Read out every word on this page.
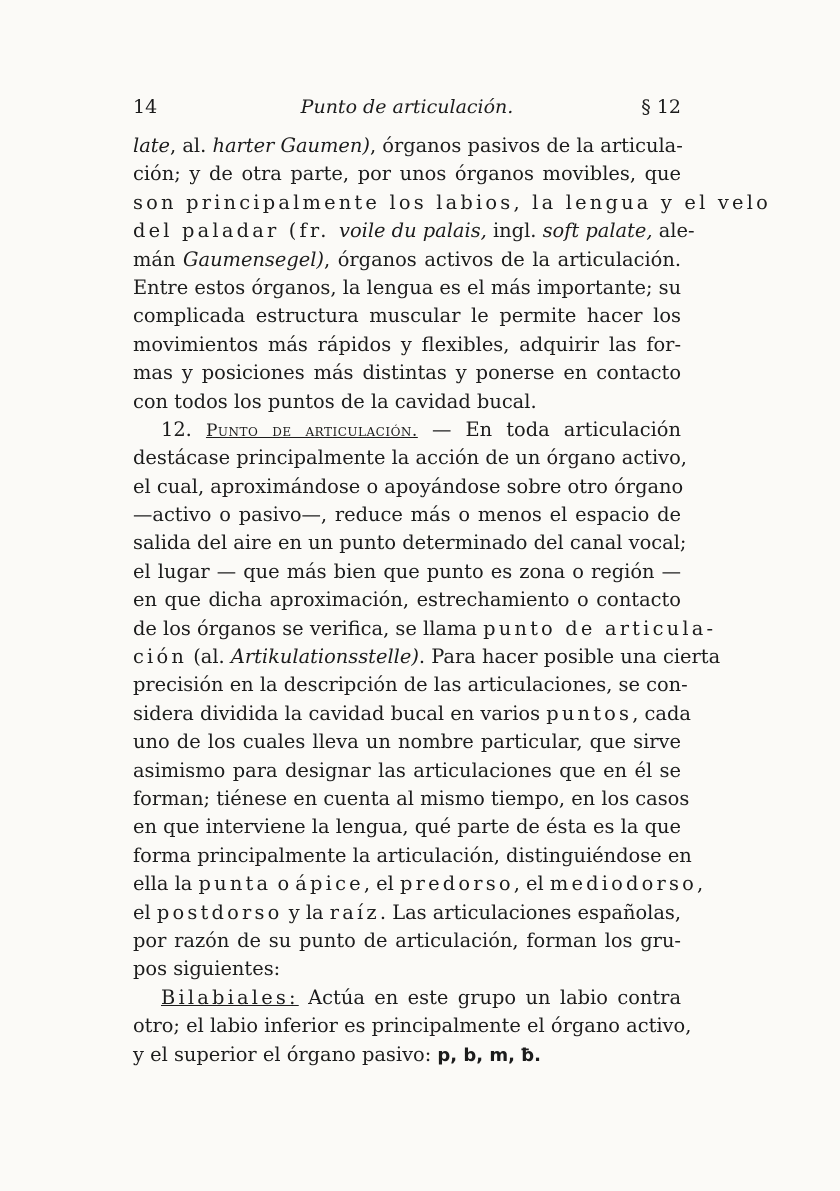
14	Punto de articulación.	§ 12
late, al. harter Gaumen), órganos pasivos de la articula-
ción; y de otra parte, por unos órganos movibles, que
son principalmente los labios, la lengua y el velo
del paladar (fr. voile du palais, ingl. soft palate, ale-
mán Gaumensegel), órganos activos de la articulación.
Entre estos órganos, la lengua es el más importante; su
complicada estructura muscular le permite hacer los
movimientos más rápidos y flexibles, adquirir las for-
mas y posiciones más distintas y ponerse en contacto
con todos los puntos de la cavidad bucal.
12. Punto de articulación. — En toda articulación
destácase principalmente la acción de un órgano activo,
el cual, aproximándose o apoyándose sobre otro órgano
—activo o pasivo—, reduce más o menos el espacio de
salida del aire en un punto determinado del canal vocal;
el lugar — que más bien que punto es zona o región —
en que dicha aproximación, estrechamiento o contacto
de los órganos se verifica, se llama punto de articula-
ción (al. Artikulationsstelle). Para hacer posible una cierta
precisión en la descripción de las articulaciones, se con-
sidera dividida la cavidad bucal en varios puntos, cada
uno de los cuales lleva un nombre particular, que sirve
asimismo para designar las articulaciones que en él se
forman; tiénese en cuenta al mismo tiempo, en los casos
en que interviene la lengua, qué parte de ésta es la que
forma principalmente la articulación, distinguiéndose en
ella la punta o ápice, el predorso, el mediodorso,
el postdorso y la raíz. Las articulaciones españolas,
por razón de su punto de articulación, forman los gru-
pos siguientes:
Bilabiales: Actúa en este grupo un labio contra
otro; el labio inferior es principalmente el órgano activo,
y el superior el órgano pasivo: p, b, m, ƀ.
